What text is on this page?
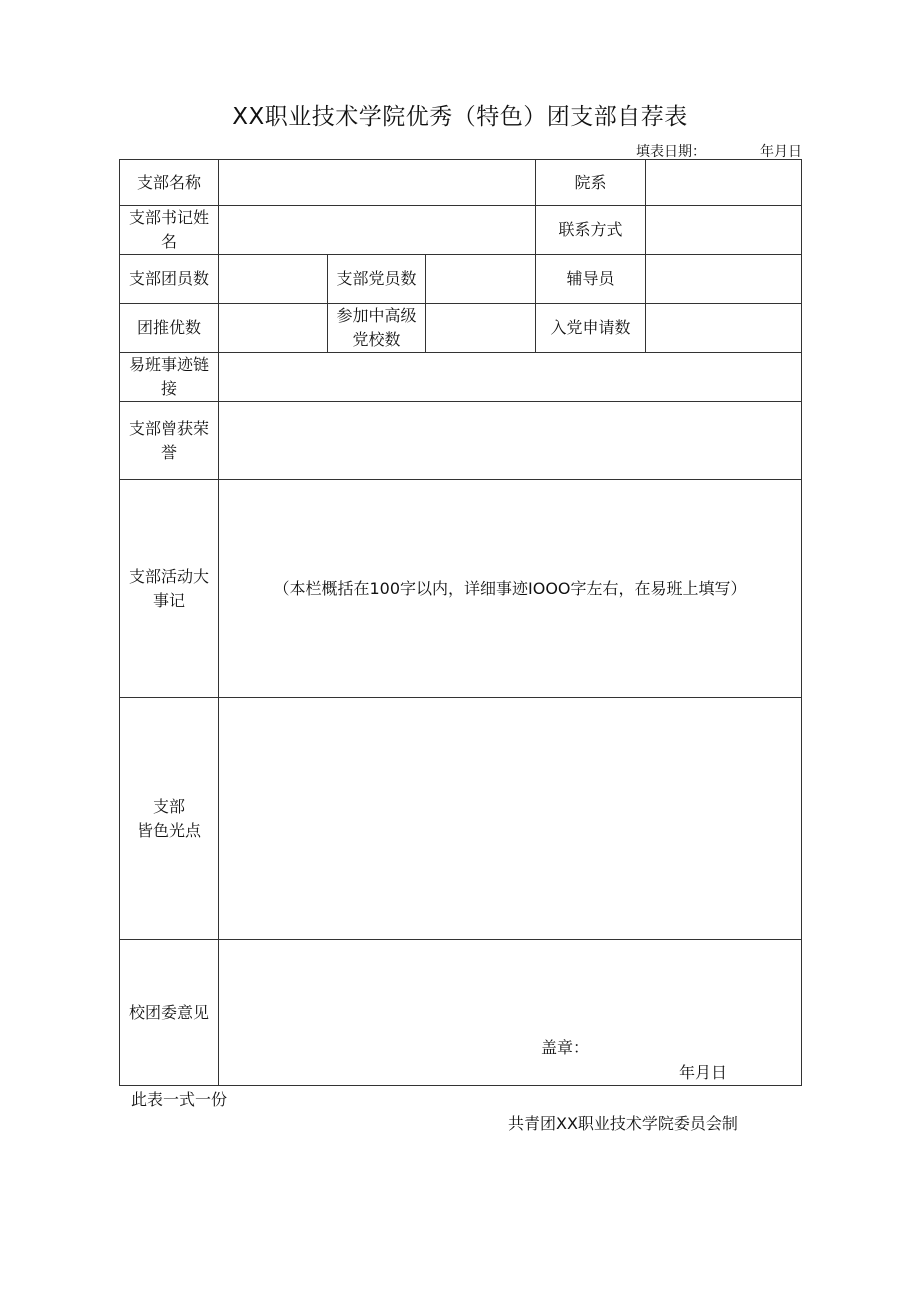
XX职业技术学院优秀（特色）团支部自荐表
填表日期：	年月日
支部名称				院系	
支部书记姓名				联系方式	
支部团员数		支部党员数		辅导员	
团推优数		参加中高级党校数		入党申请数	
易班事迹链接					
支部曾获荣誉					
支部活动大事记	（本栏概括在100字以内，详细事迹IOOO字左右，在易班上填写）				

支部
皆色光点					

校团委意见	盖章：
年月日				
此表一式一份
共青团XX职业技术学院委员会制
